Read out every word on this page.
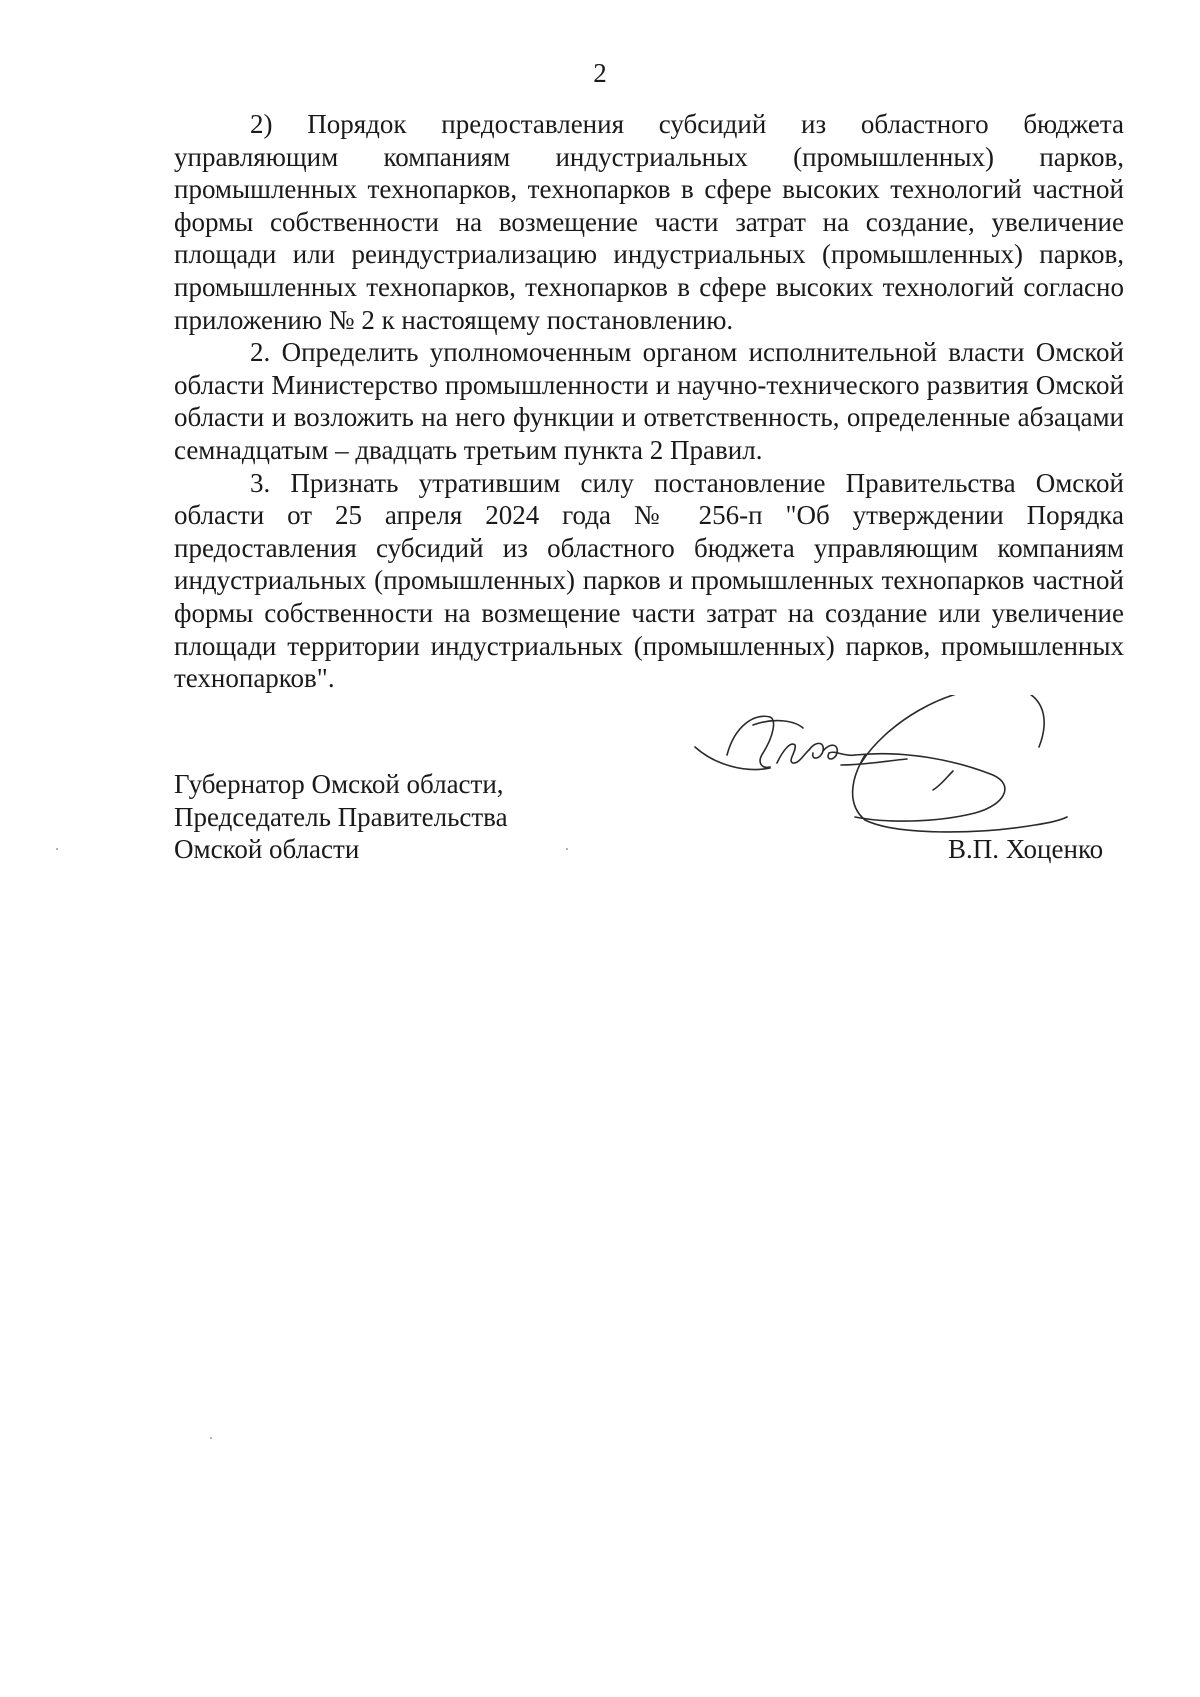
2

2) Порядок предоставления субсидий из областного бюджета управляющим компаниям индустриальных (промышленных) парков, промышленных технопарков, технопарков в сфере высоких технологий частной формы собственности на возмещение части затрат на создание, увеличение площади или реиндустриализацию индустриальных (промышленных) парков, промышленных технопарков, технопарков в сфере высоких технологий согласно приложению № 2 к настоящему постановлению.

2. Определить уполномоченным органом исполнительной власти Омской области Министерство промышленности и научно-технического развития Омской области и возложить на него функции и ответственность, определенные абзацами семнадцатым – двадцать третьим пункта 2 Правил.

3. Признать утратившим силу постановление Правительства Омской области от 25 апреля 2024 года № 256-п "Об утверждении Порядка предоставления субсидий из областного бюджета управляющим компаниям индустриальных (промышленных) парков и промышленных технопарков частной формы собственности на возмещение части затрат на создание или увеличение площади территории индустриальных (промышленных) парков, промышленных технопарков".

Губернатор Омской области,
Председатель Правительства
Омской области	В.П. Хоценко
